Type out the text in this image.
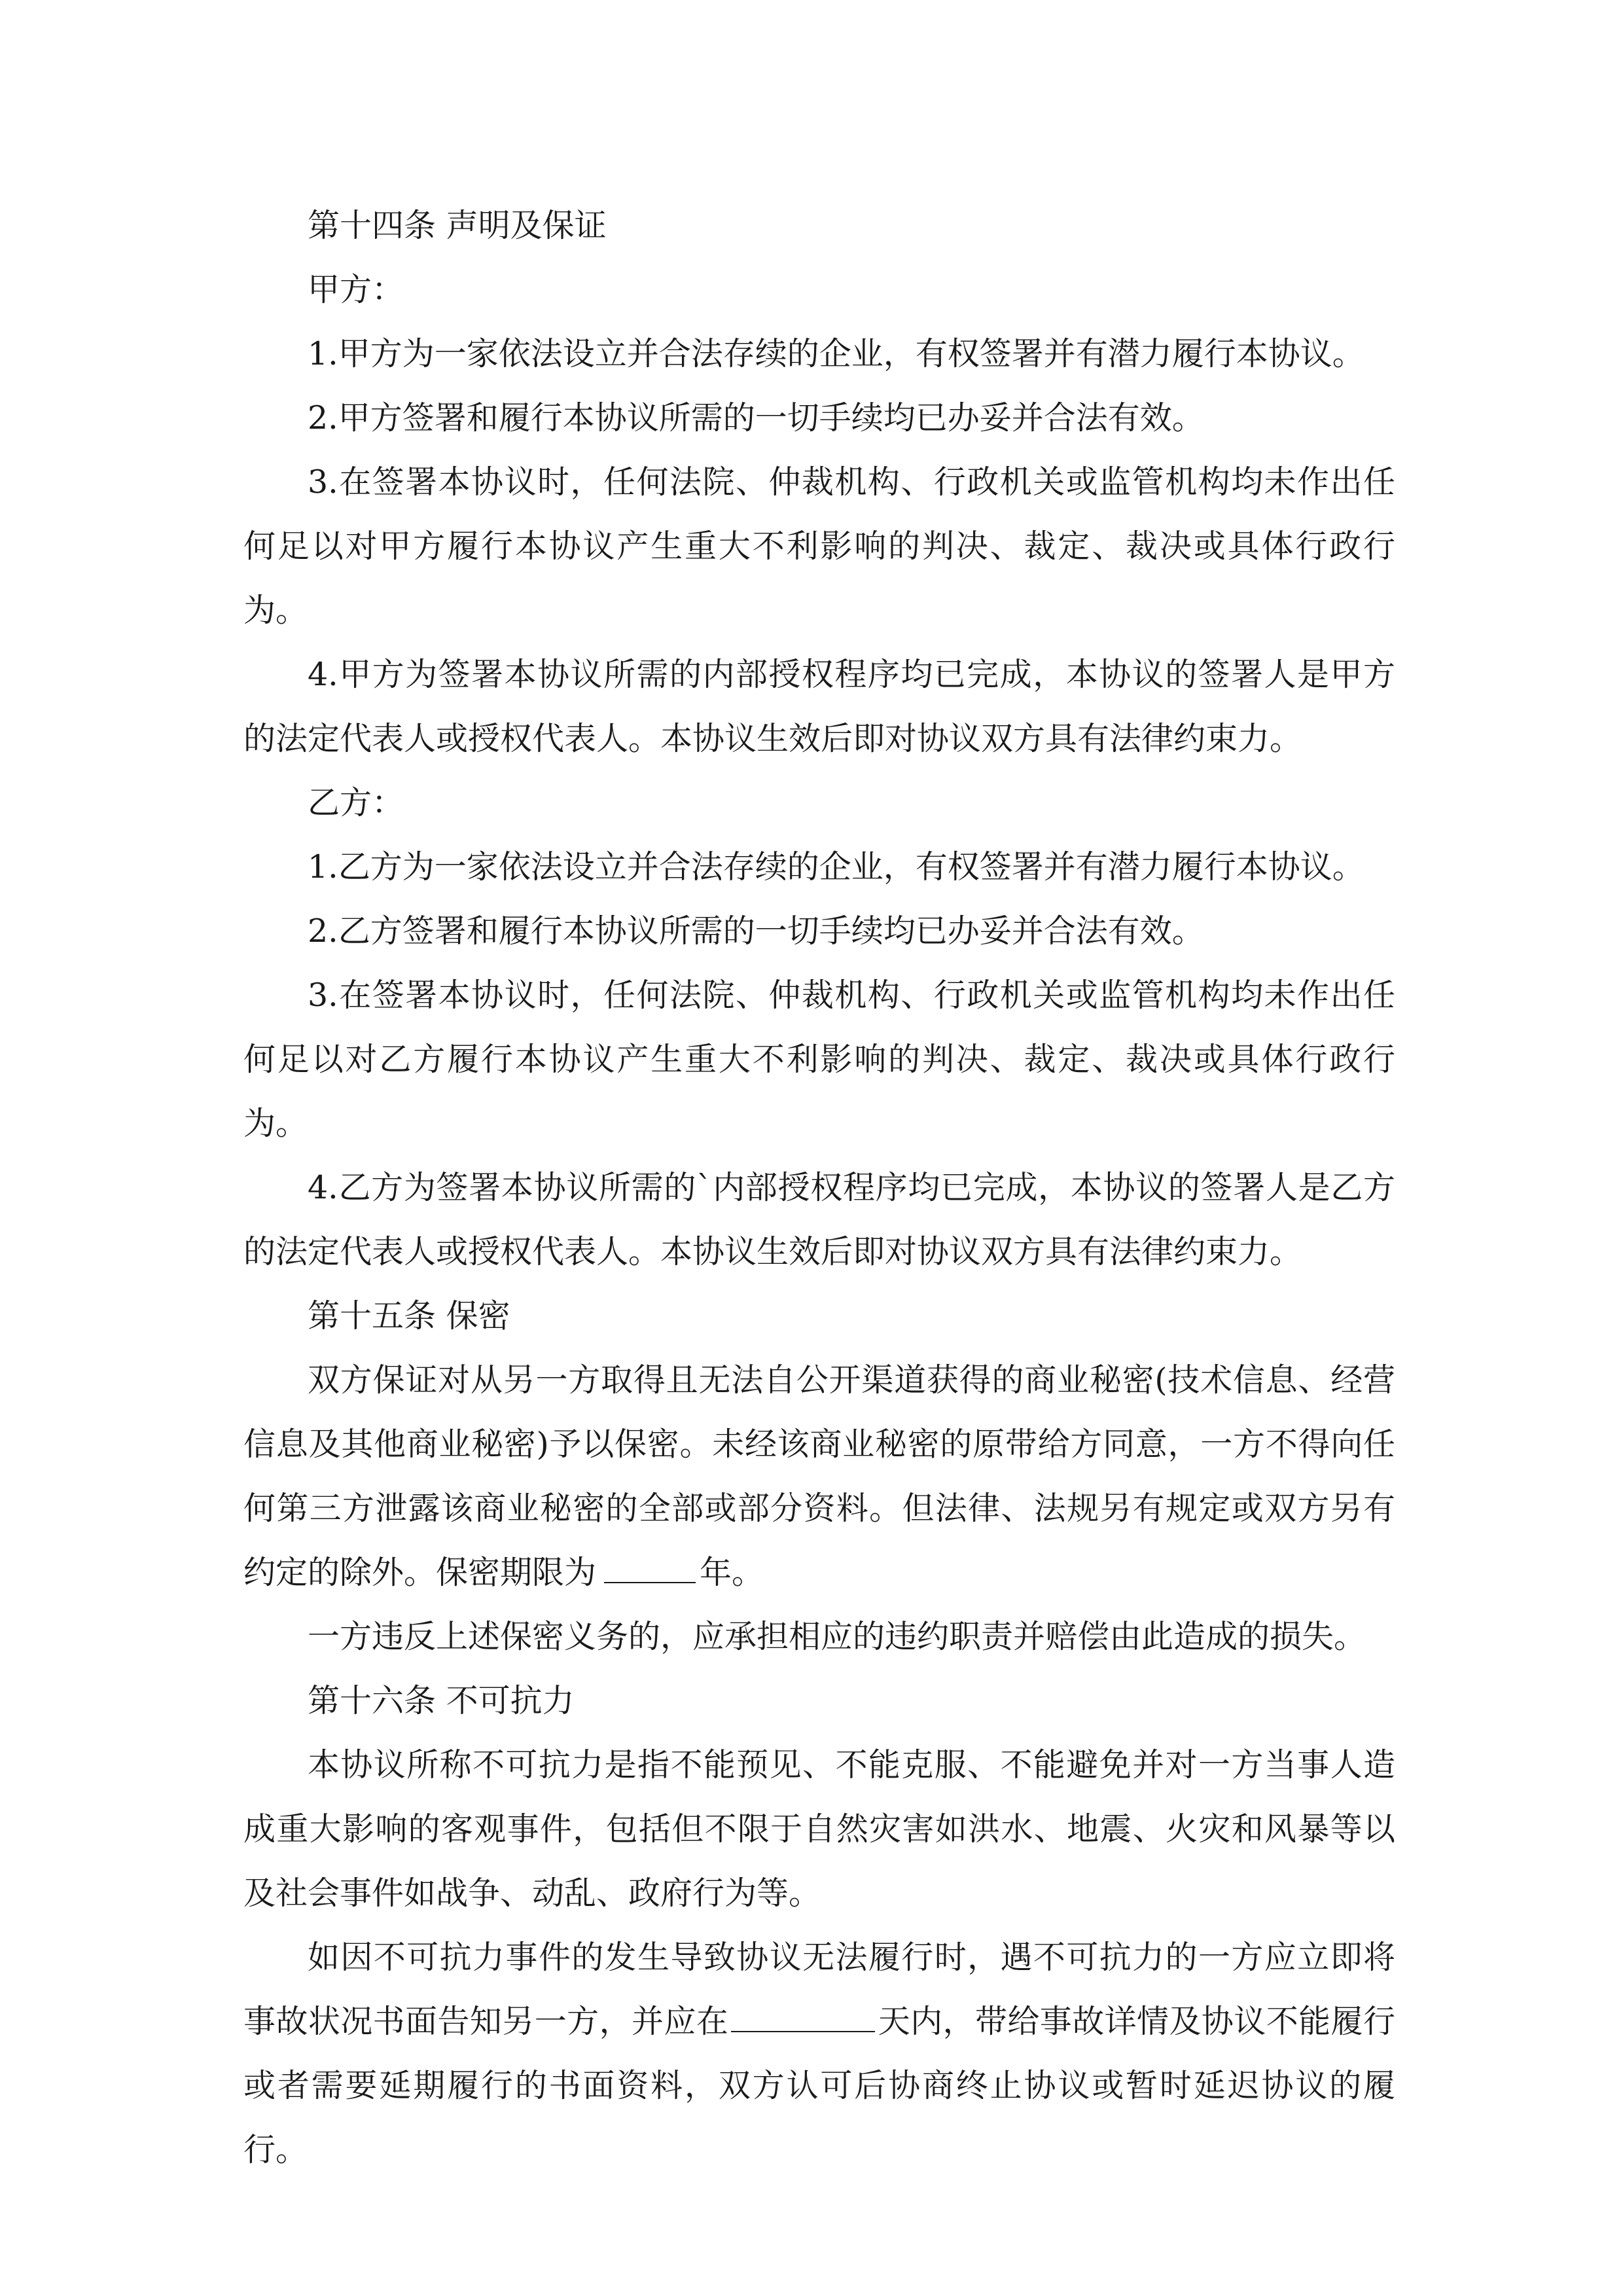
第十四条 声明及保证

甲方：

1.甲方为一家依法设立并合法存续的企业，有权签署并有潜力履行本协议。

2.甲方签署和履行本协议所需的一切手续均已办妥并合法有效。

3.在签署本协议时，任何法院、仲裁机构、行政机关或监管机构均未作出任何足以对甲方履行本协议产生重大不利影响的判决、裁定、裁决或具体行政行为。

4.甲方为签署本协议所需的内部授权程序均已完成，本协议的签署人是甲方的法定代表人或授权代表人。本协议生效后即对协议双方具有法律约束力。

乙方：

1.乙方为一家依法设立并合法存续的企业，有权签署并有潜力履行本协议。

2.乙方签署和履行本协议所需的一切手续均已办妥并合法有效。

3.在签署本协议时，任何法院、仲裁机构、行政机关或监管机构均未作出任何足以对乙方履行本协议产生重大不利影响的判决、裁定、裁决或具体行政行为。

4.乙方为签署本协议所需的`内部授权程序均已完成，本协议的签署人是乙方的法定代表人或授权代表人。本协议生效后即对协议双方具有法律约束力。

第十五条 保密

双方保证对从另一方取得且无法自公开渠道获得的商业秘密(技术信息、经营信息及其他商业秘密)予以保密。未经该商业秘密的原带给方同意，一方不得向任何第三方泄露该商业秘密的全部或部分资料。但法律、法规另有规定或双方另有约定的除外。保密期限为	年。

一方违反上述保密义务的，应承担相应的违约职责并赔偿由此造成的损失。

第十六条 不可抗力

本协议所称不可抗力是指不能预见、不能克服、不能避免并对一方当事人造成重大影响的客观事件，包括但不限于自然灾害如洪水、地震、火灾和风暴等以及社会事件如战争、动乱、政府行为等。

如因不可抗力事件的发生导致协议无法履行时，遇不可抗力的一方应立即将事故状况书面告知另一方，并应在	天内，带给事故详情及协议不能履行或者需要延期履行的书面资料，双方认可后协商终止协议或暂时延迟协议的履行。
